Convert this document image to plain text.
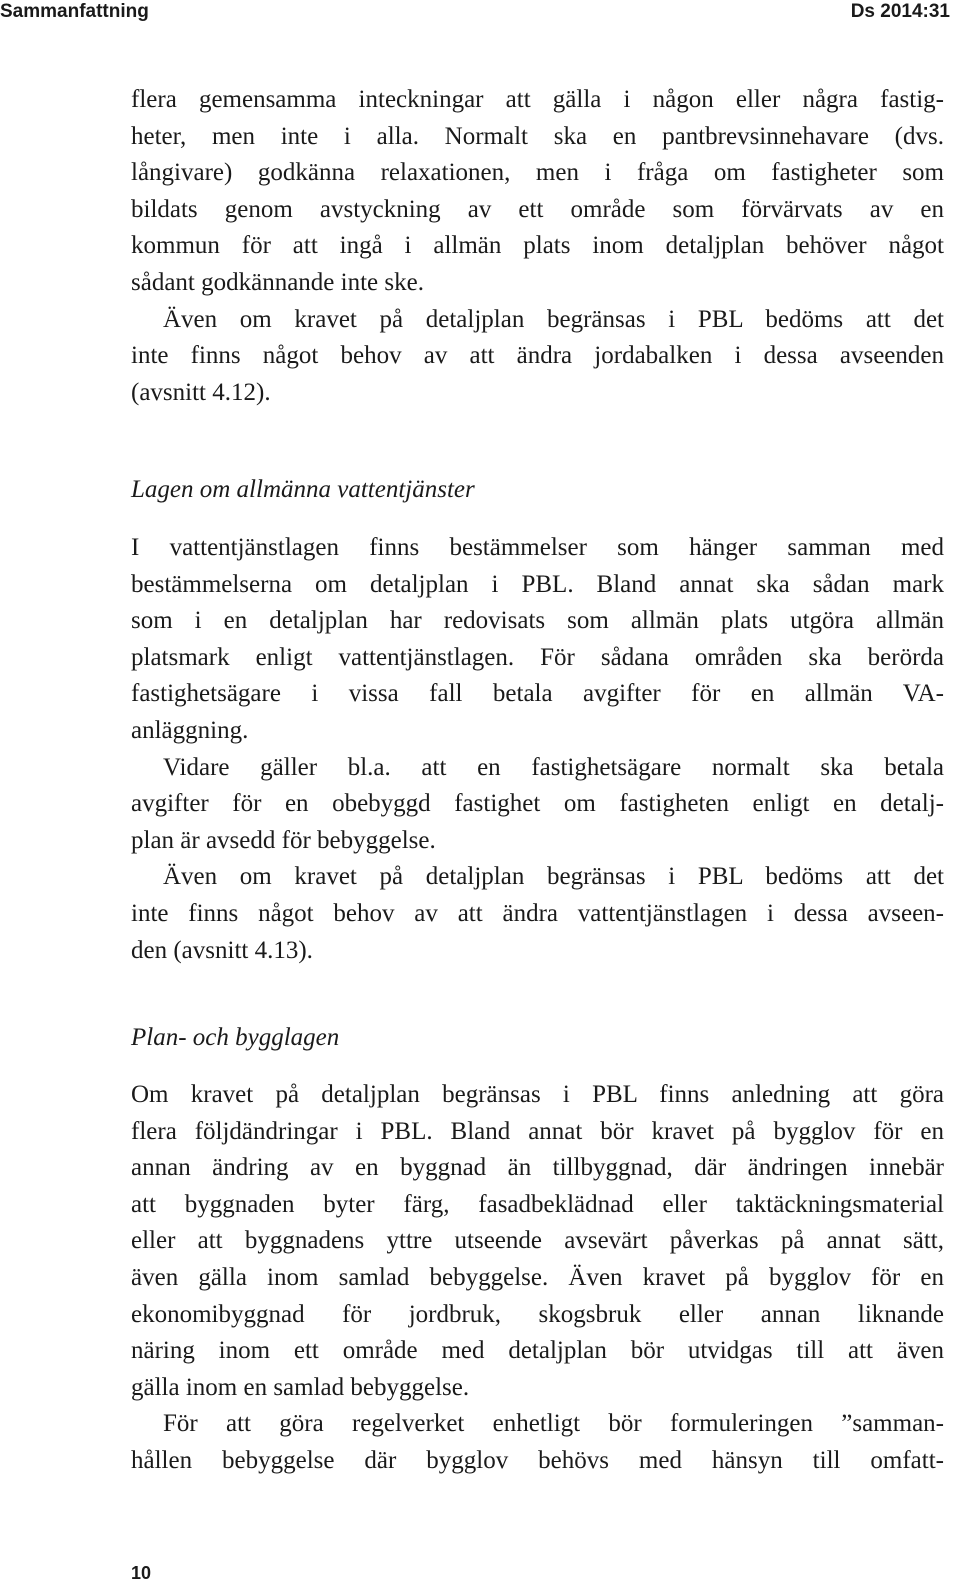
Sammanfattning	Ds 2014:31
flera gemensamma inteckningar att gälla i någon eller några fastig-
heter, men inte i alla. Normalt ska en pantbrevsinnehavare (dvs.
långivare) godkänna relaxationen, men i fråga om fastigheter som
bildats genom avstyckning av ett område som förvärvats av en
kommun för att ingå i allmän plats inom detaljplan behöver något
sådant godkännande inte ske.
Även om kravet på detaljplan begränsas i PBL bedöms att det
inte finns något behov av att ändra jordabalken i dessa avseenden
(avsnitt 4.12).
Lagen om allmänna vattentjänster
I vattentjänstlagen finns bestämmelser som hänger samman med
bestämmelserna om detaljplan i PBL. Bland annat ska sådan mark
som i en detaljplan har redovisats som allmän plats utgöra allmän
platsmark enligt vattentjänstlagen. För sådana områden ska berörda
fastighetsägare i vissa fall betala avgifter för en allmän VA-
anläggning.
Vidare gäller bl.a. att en fastighetsägare normalt ska betala
avgifter för en obebyggd fastighet om fastigheten enligt en detalj-
plan är avsedd för bebyggelse.
Även om kravet på detaljplan begränsas i PBL bedöms att det
inte finns något behov av att ändra vattentjänstlagen i dessa avseen-
den (avsnitt 4.13).
Plan- och bygglagen
Om kravet på detaljplan begränsas i PBL finns anledning att göra
flera följdändringar i PBL. Bland annat bör kravet på bygglov för en
annan ändring av en byggnad än tillbyggnad, där ändringen innebär
att byggnaden byter färg, fasadbeklädnad eller taktäckningsmaterial
eller att byggnadens yttre utseende avsevärt påverkas på annat sätt,
även gälla inom samlad bebyggelse. Även kravet på bygglov för en
ekonomibyggnad för jordbruk, skogsbruk eller annan liknande
näring inom ett område med detaljplan bör utvidgas till att även
gälla inom en samlad bebyggelse.
För att göra regelverket enhetligt bör formuleringen ”samman-
hållen bebyggelse där bygglov behövs med hänsyn till omfatt-
10
